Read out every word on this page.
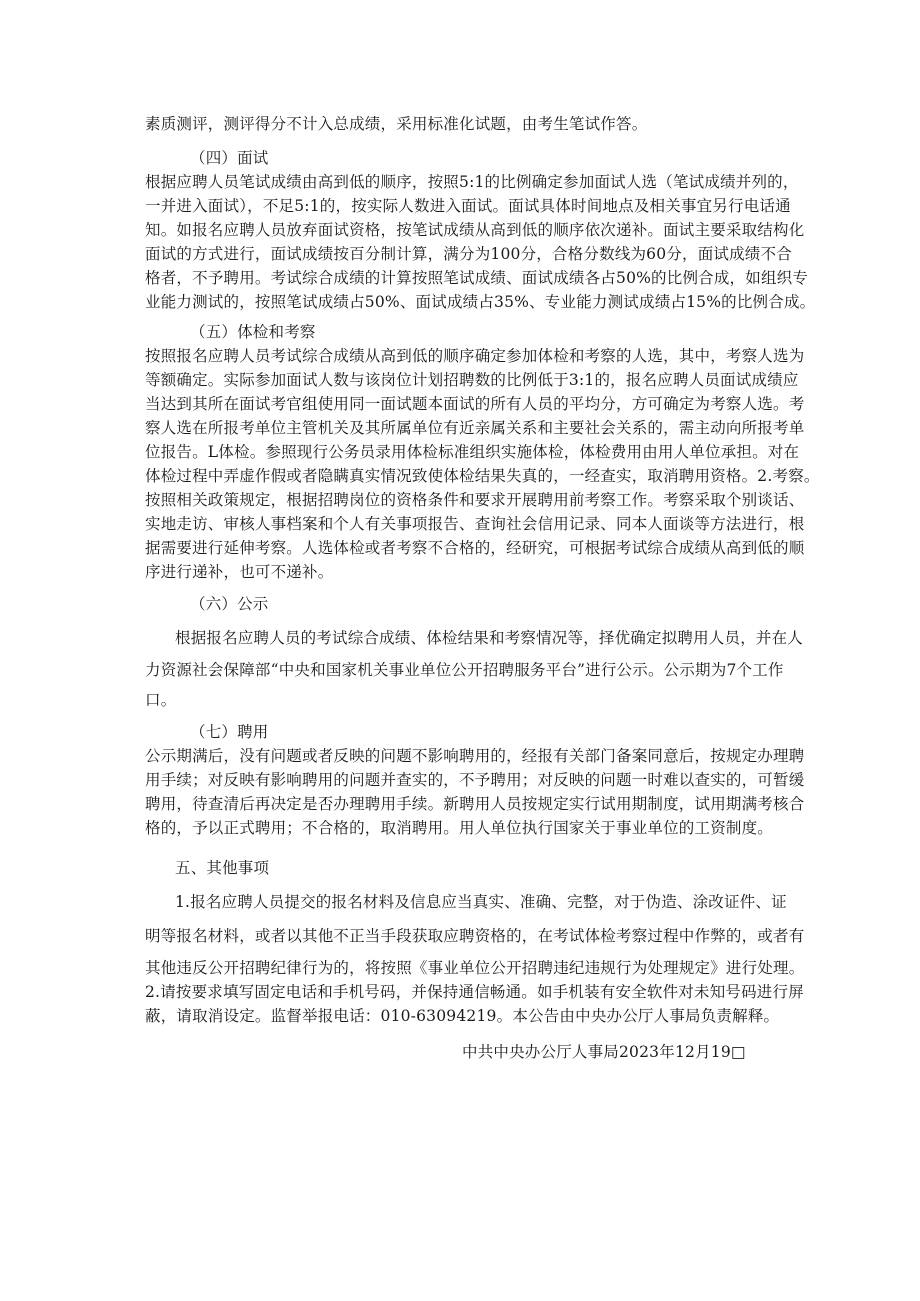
素质测评，测评得分不计入总成绩，采用标准化试题，由考生笔试作答。
（四）面试
根据应聘人员笔试成绩由高到低的顺序，按照5:1的比例确定参加面试人选（笔试成绩并列的，
一并进入面试），不足5:1的，按实际人数进入面试。面试具体时间地点及相关事宜另行电话通
知。如报名应聘人员放弃面试资格，按笔试成绩从高到低的顺序依次递补。面试主要采取结构化
面试的方式进行，面试成绩按百分制计算，满分为100分，合格分数线为60分，面试成绩不合
格者，不予聘用。考试综合成绩的计算按照笔试成绩、面试成绩各占50%的比例合成，如组织专
业能力测试的，按照笔试成绩占50%、面试成绩占35%、专业能力测试成绩占15%的比例合成。
（五）体检和考察
按照报名应聘人员考试综合成绩从高到低的顺序确定参加体检和考察的人选，其中，考察人选为
等额确定。实际参加面试人数与该岗位计划招聘数的比例低于3:1的，报名应聘人员面试成绩应
当达到其所在面试考官组使用同一面试题本面试的所有人员的平均分，方可确定为考察人选。考
察人选在所报考单位主管机关及其所属单位有近亲属关系和主要社会关系的，需主动向所报考单
位报告。L体检。参照现行公务员录用体检标准组织实施体检，体检费用由用人单位承担。对在
体检过程中弄虚作假或者隐瞒真实情况致使体检结果失真的，一经查实，取消聘用资格。2.考察。
按照相关政策规定，根据招聘岗位的资格条件和要求开展聘用前考察工作。考察采取个别谈话、
实地走访、审核人事档案和个人有关事项报告、查询社会信用记录、同本人面谈等方法进行，根
据需要进行延伸考察。人选体检或者考察不合格的，经研究，可根据考试综合成绩从高到低的顺
序进行递补，也可不递补。
（六）公示
根据报名应聘人员的考试综合成绩、体检结果和考察情况等，择优确定拟聘用人员，并在人
力资源社会保障部“中央和国家机关事业单位公开招聘服务平台”进行公示。公示期为7个工作
口。
（七）聘用
公示期满后，没有问题或者反映的问题不影响聘用的，经报有关部门备案同意后，按规定办理聘
用手续；对反映有影响聘用的问题并查实的，不予聘用；对反映的问题一时难以查实的，可暂缓
聘用，待查清后再决定是否办理聘用手续。新聘用人员按规定实行试用期制度，试用期满考核合
格的，予以正式聘用；不合格的，取消聘用。用人单位执行国家关于事业单位的工资制度。
五、其他事项
1.报名应聘人员提交的报名材料及信息应当真实、准确、完整，对于伪造、涂改证件、证
明等报名材料，或者以其他不正当手段获取应聘资格的，在考试体检考察过程中作弊的，或者有
其他违反公开招聘纪律行为的，将按照《事业单位公开招聘违纪违规行为处理规定》进行处理。
2.请按要求填写固定电话和手机号码，并保持通信畅通。如手机装有安全软件对未知号码进行屏
蔽，请取消设定。监督举报电话：010-63094219。本公告由中央办公厅人事局负责解释。
中共中央办公厅人事局2023年12月19□
